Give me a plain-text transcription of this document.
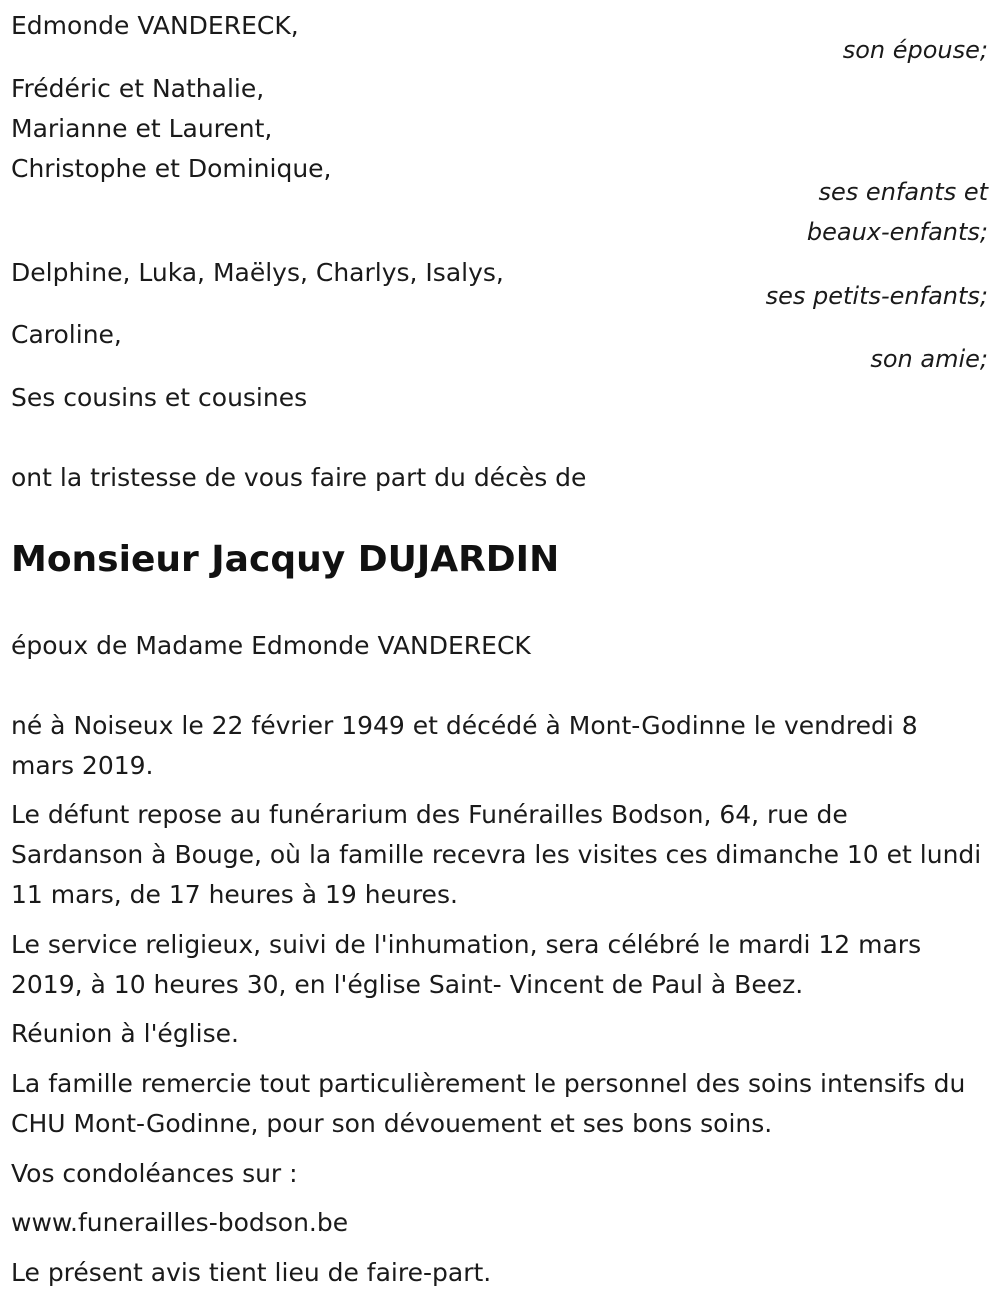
Edmonde VANDERECK,
son épouse;
Frédéric et Nathalie,
Marianne et Laurent,
Christophe et Dominique,
ses enfants et
beaux-enfants;
Delphine, Luka, Maëlys, Charlys, Isalys,
ses petits-enfants;
Caroline,
son amie;
Ses cousins et cousines
ont la tristesse de vous faire part du décès de
Monsieur Jacquy DUJARDIN
époux de Madame Edmonde VANDERECK
né à Noiseux le 22 février 1949 et décédé à Mont-Godinne le vendredi 8 mars 2019.
Le défunt repose au funérarium des Funérailles Bodson, 64, rue de Sardanson à Bouge, où la famille recevra les visites ces dimanche 10 et lundi 11 mars, de 17 heures à 19 heures.
Le service religieux, suivi de l'inhumation, sera célébré le mardi 12 mars 2019, à 10 heures 30, en l'église Saint- Vincent de Paul à Beez.
Réunion à l'église.
La famille remercie tout particulièrement le personnel des soins intensifs du CHU Mont-Godinne, pour son dévouement et ses bons soins.
Vos condoléances sur :
www.funerailles-bodson.be
Le présent avis tient lieu de faire-part.
